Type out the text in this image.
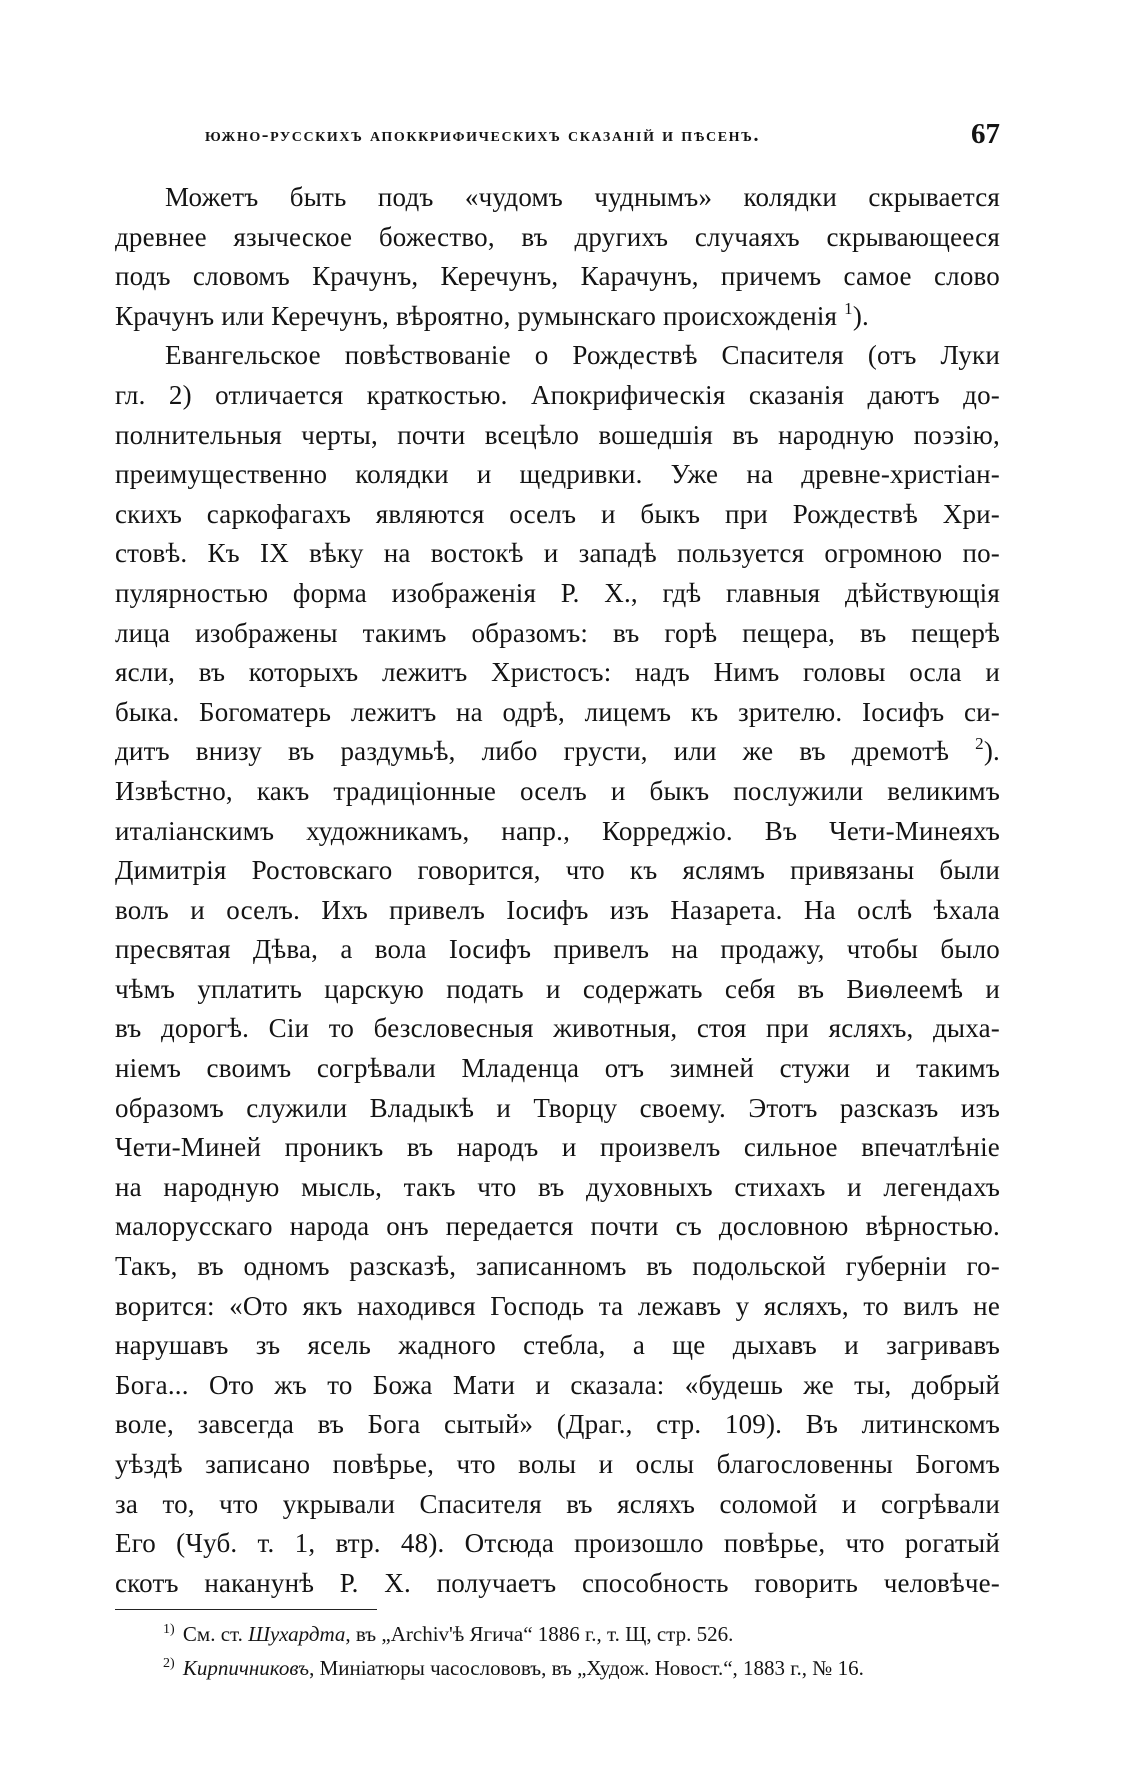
южно-русскихъ апоккрифическихъ сказаній и пѣсенъ.	67
Можетъ быть подъ «чудомъ чуднымъ» колядки скрывается
древнее языческое божество, въ другихъ случаяхъ скрывающееся
подъ словомъ Крачунъ, Керечунъ, Карачунъ, причемъ самое слово
Крачунъ или Керечунъ, вѣроятно, румынскаго происхожденія $^1$).
Евангельское повѣствованіе о Рождествѣ Спасителя (отъ Луки
гл. 2) отличается краткостью. Апокрифическія сказанія даютъ до-
полнительныя черты, почти всецѣло вошедшія въ народную поэзію,
преимущественно колядки и щедривки. Уже на древне-христіан-
скихъ саркофагахъ являются оселъ и быкъ при Рождествѣ Хри-
стовѣ. Къ IX вѣку на востокѣ и западѣ пользуется огромною по-
пулярностью форма изображенія Р. Х., гдѣ главныя дѣйствующія
лица изображены такимъ образомъ: въ горѣ пещера, въ пещерѣ
ясли, въ которыхъ лежитъ Христосъ: надъ Нимъ головы осла и
быка. Богоматерь лежитъ на одрѣ, лицемъ къ зрителю. Іосифъ си-
дитъ внизу въ раздумьѣ, либо грусти, или же въ дремотѣ $^2$).
Извѣстно, какъ традиціонные оселъ и быкъ послужили великимъ
италіанскимъ художникамъ, напр., Корреджіо. Въ Чети-Минеяхъ
Димитрія Ростовскаго говорится, что къ яслямъ привязаны были
волъ и оселъ. Ихъ привелъ Іосифъ изъ Назарета. На ослѣ ѣхала
пресвятая Дѣва, а вола Іосифъ привелъ на продажу, чтобы было
чѣмъ уплатить царскую подать и содержать себя въ Виѳлеемѣ и
въ дорогѣ. Сіи то безсловесныя животныя, стоя при ясляхъ, дыха-
ніемъ своимъ согрѣвали Младенца отъ зимней стужи и такимъ
образомъ служили Владыкѣ и Творцу своему. Этотъ разсказъ изъ
Чети-Миней проникъ въ народъ и произвелъ сильное впечатлѣніе
на народную мысль, такъ что въ духовныхъ стихахъ и легендахъ
малорусскаго народа онъ передается почти съ дословною вѣрностью.
Такъ, въ одномъ разсказѣ, записанномъ въ подольской губерніи го-
ворится: «Ото якъ находився Господь та лежавъ у ясляхъ, то вилъ не
нарушавъ зъ ясель жадного стебла, а ще дыхавъ и загривавъ
Бога... Ото жъ то Божа Мати и сказала: «будешь же ты, добрый
воле, завсегда въ Бога сытый» (Драг., стр. 109). Въ литинскомъ
уѣздѣ записано повѣрье, что волы и ослы благословенны Богомъ
за то, что укрывали Спасителя въ ясляхъ соломой и согрѣвали
Его (Чуб. т. 1, втр. 48). Отсюда произошло повѣрье, что рогатый
скотъ наканунѣ Р. Х. получаетъ способность говорить человѣче-
$^{1)}$ См. ст. Шухардта, въ „Archiv'ѣ Ягича“ 1886 г., т. Щ, стр. 526.
$^{2)}$ Кирпичниковъ, Миніатюры часослововъ, въ „Худож. Новост.“, 1883 г., № 16.
